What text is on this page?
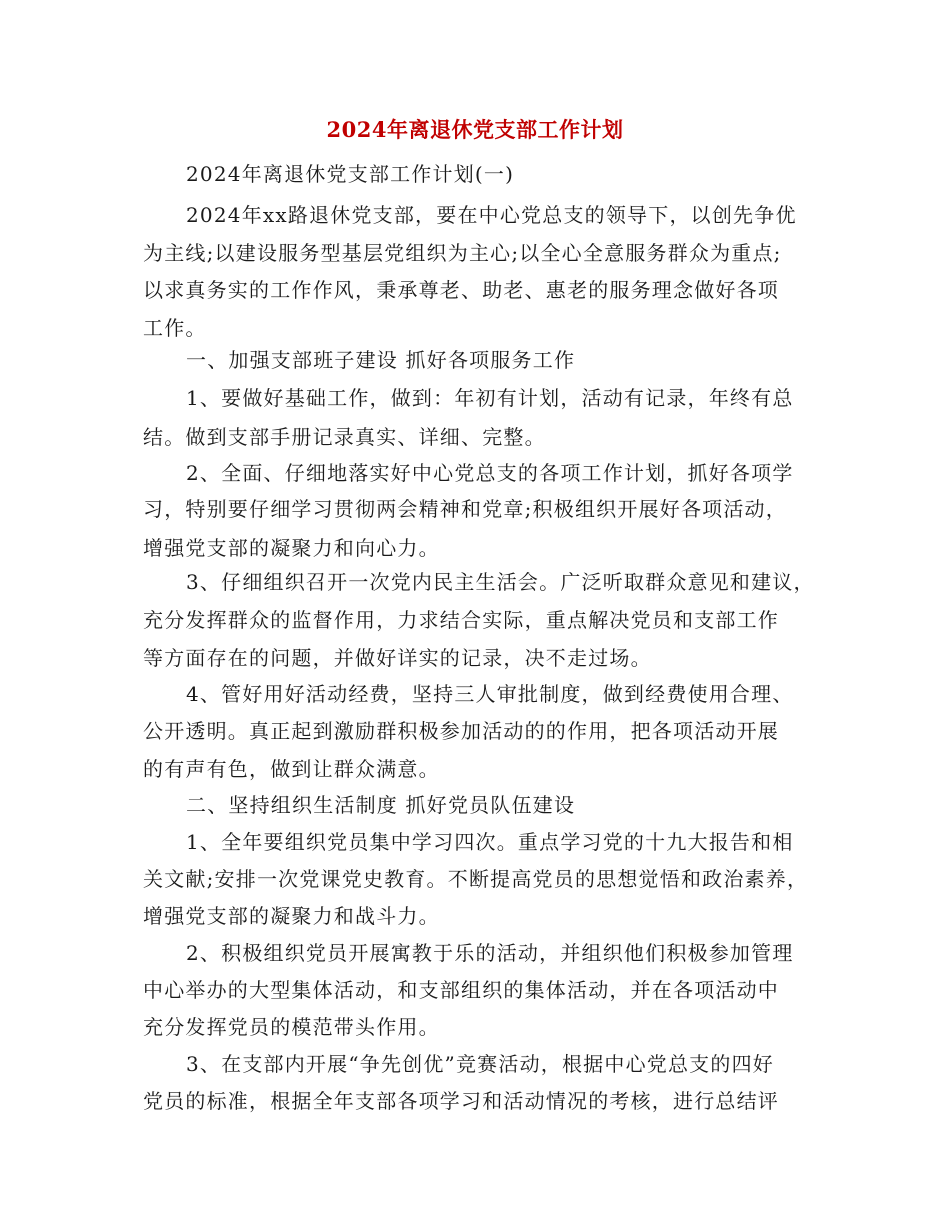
2024年离退休党支部工作计划
2024年离退休党支部工作计划(一)
2024年xx路退休党支部，要在中心党总支的领导下，以创先争优
为主线;以建设服务型基层党组织为主心;以全心全意服务群众为重点;
以求真务实的工作作风，秉承尊老、助老、惠老的服务理念做好各项
工作。
一、加强支部班子建设 抓好各项服务工作
1、要做好基础工作，做到：年初有计划，活动有记录，年终有总
结。做到支部手册记录真实、详细、完整。
2、全面、仔细地落实好中心党总支的各项工作计划，抓好各项学
习，特别要仔细学习贯彻两会精神和党章;积极组织开展好各项活动，
增强党支部的凝聚力和向心力。
3、仔细组织召开一次党内民主生活会。广泛听取群众意见和建议，
充分发挥群众的监督作用，力求结合实际，重点解决党员和支部工作
等方面存在的问题，并做好详实的记录，决不走过场。
4、管好用好活动经费，坚持三人审批制度，做到经费使用合理、
公开透明。真正起到激励群积极参加活动的的作用，把各项活动开展
的有声有色，做到让群众满意。
二、坚持组织生活制度 抓好党员队伍建设
1、全年要组织党员集中学习四次。重点学习党的十九大报告和相
关文献;安排一次党课党史教育。不断提高党员的思想觉悟和政治素养，
增强党支部的凝聚力和战斗力。
2、积极组织党员开展寓教于乐的活动，并组织他们积极参加管理
中心举办的大型集体活动，和支部组织的集体活动，并在各项活动中
充分发挥党员的模范带头作用。
3、在支部内开展“争先创优”竞赛活动，根据中心党总支的四好
党员的标准，根据全年支部各项学习和活动情况的考核，进行总结评
